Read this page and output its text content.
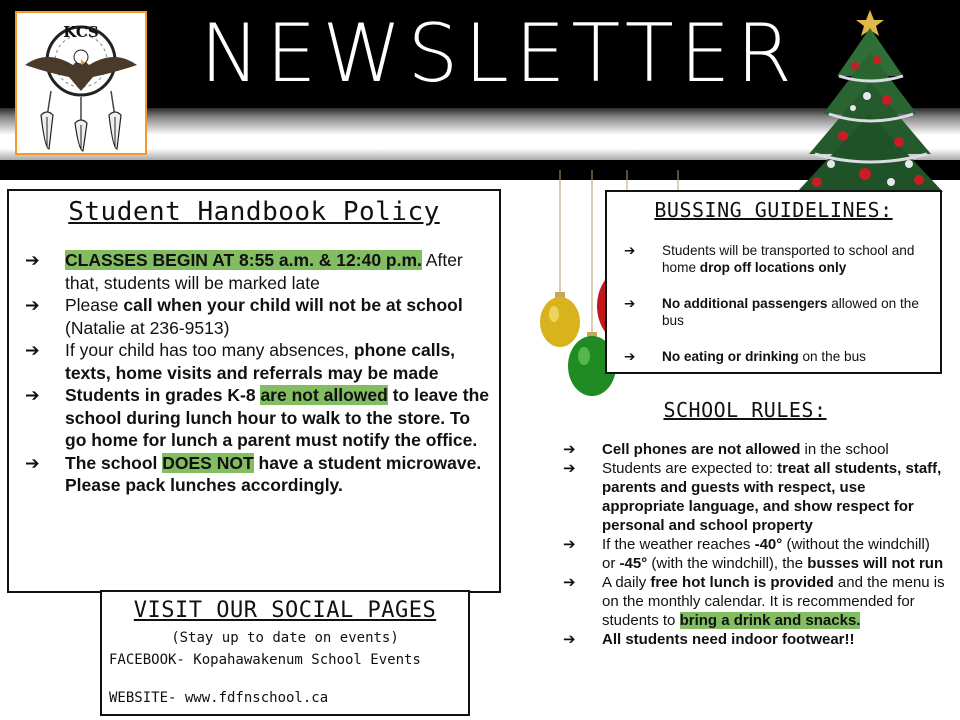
NEWSLETTER
KCS
Student Handbook Policy
➔ CLASSES BEGIN AT 8:55 a.m. & 12:40 p.m. After that, students will be marked late
➔ Please call when your child will not be at school (Natalie at 236-9513)
➔ If your child has too many absences, phone calls, texts, home visits and referrals may be made
➔ Students in grades K-8 are not allowed to leave the school during lunch hour to walk to the store. To go home for lunch a parent must notify the office.
➔ The school DOES NOT have a student microwave. Please pack lunches accordingly.
VISIT OUR SOCIAL PAGES
(Stay up to date on events)
FACEBOOK- Kopahawakenum School Events
WEBSITE- www.fdfnschool.ca
BUSSING GUIDELINES:
➔ Students will be transported to school and home drop off locations only
➔ No additional passengers allowed on the bus
➔ No eating or drinking on the bus
SCHOOL RULES:
➔ Cell phones are not allowed in the school
➔ Students are expected to: treat all students, staff, parents and guests with respect, use appropriate language, and show respect for personal and school property
➔ If the weather reaches -40° (without the windchill) or -45° (with the windchill), the busses will not run
➔ A daily free hot lunch is provided and the menu is on the monthly calendar. It is recommended for students to bring a drink and snacks.
➔ All students need indoor footwear!!
